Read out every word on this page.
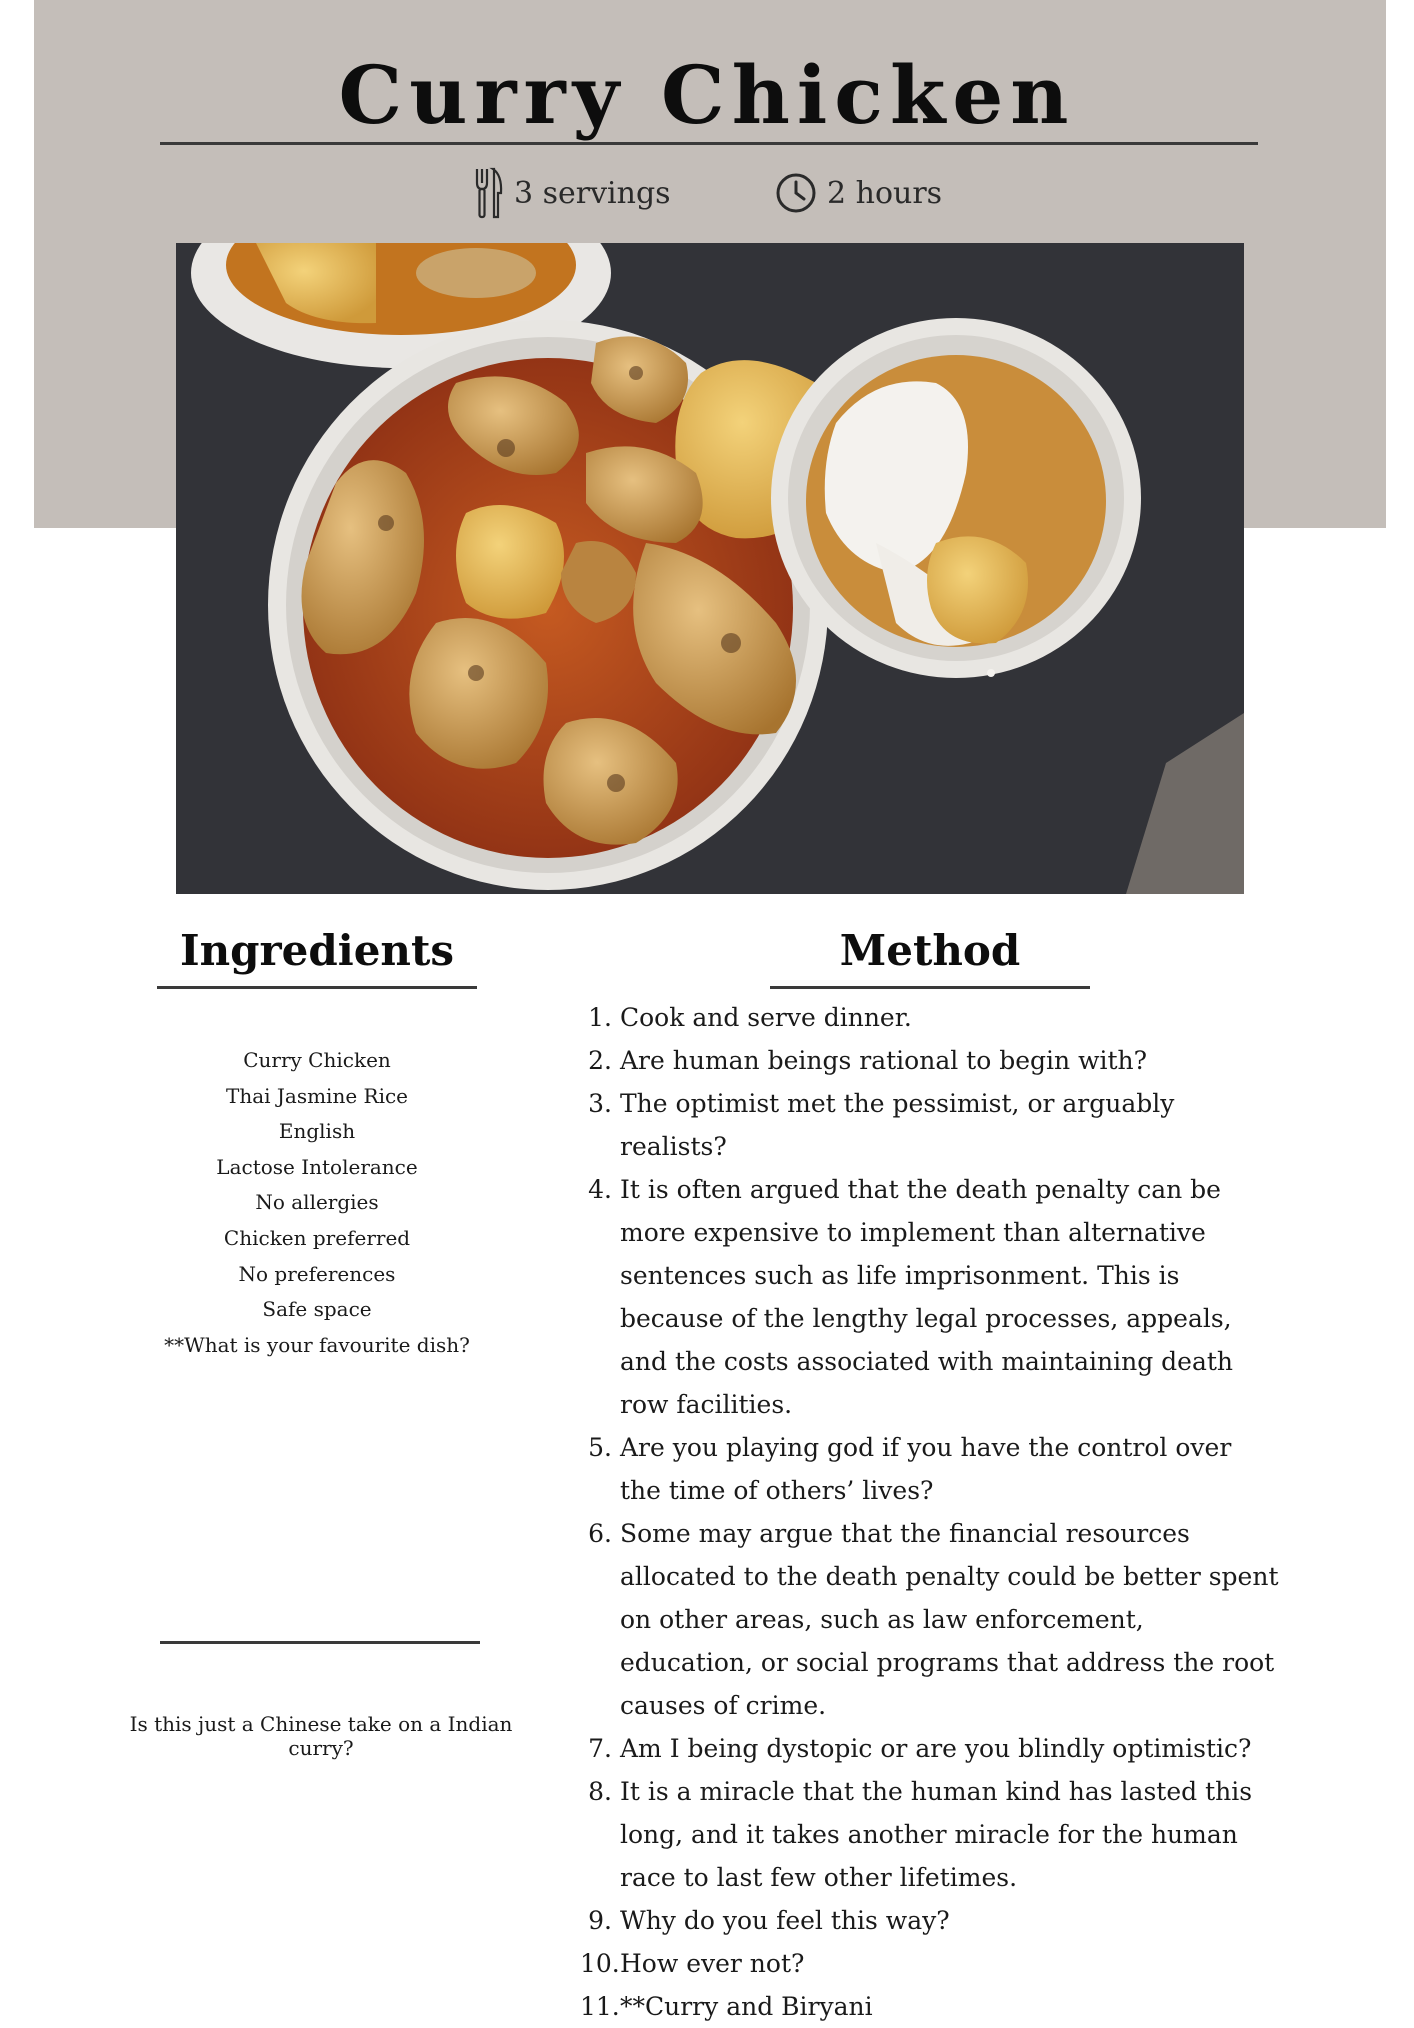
Curry Chicken
3 servings	2 hours
Ingredients
Curry Chicken
Thai Jasmine Rice
English
Lactose Intolerance
No allergies
Chicken preferred
No preferences
Safe space
**What is your favourite dish?
Is this just a Chinese take on a Indian curry?
Method
1. Cook and serve dinner.
2. Are human beings rational to begin with?
3. The optimist met the pessimist, or arguably realists?
4. It is often argued that the death penalty can be more expensive to implement than alternative sentences such as life imprisonment. This is because of the lengthy legal processes, appeals, and the costs associated with maintaining death row facilities.
5. Are you playing god if you have the control over the time of others’ lives?
6. Some may argue that the financial resources allocated to the death penalty could be better spent on other areas, such as law enforcement, education, or social programs that address the root causes of crime.
7. Am I being dystopic or are you blindly optimistic?
8. It is a miracle that the human kind has lasted this long, and it takes another miracle for the human race to last few other lifetimes.
9. Why do you feel this way?
10. How ever not?
11. **Curry and Biryani
